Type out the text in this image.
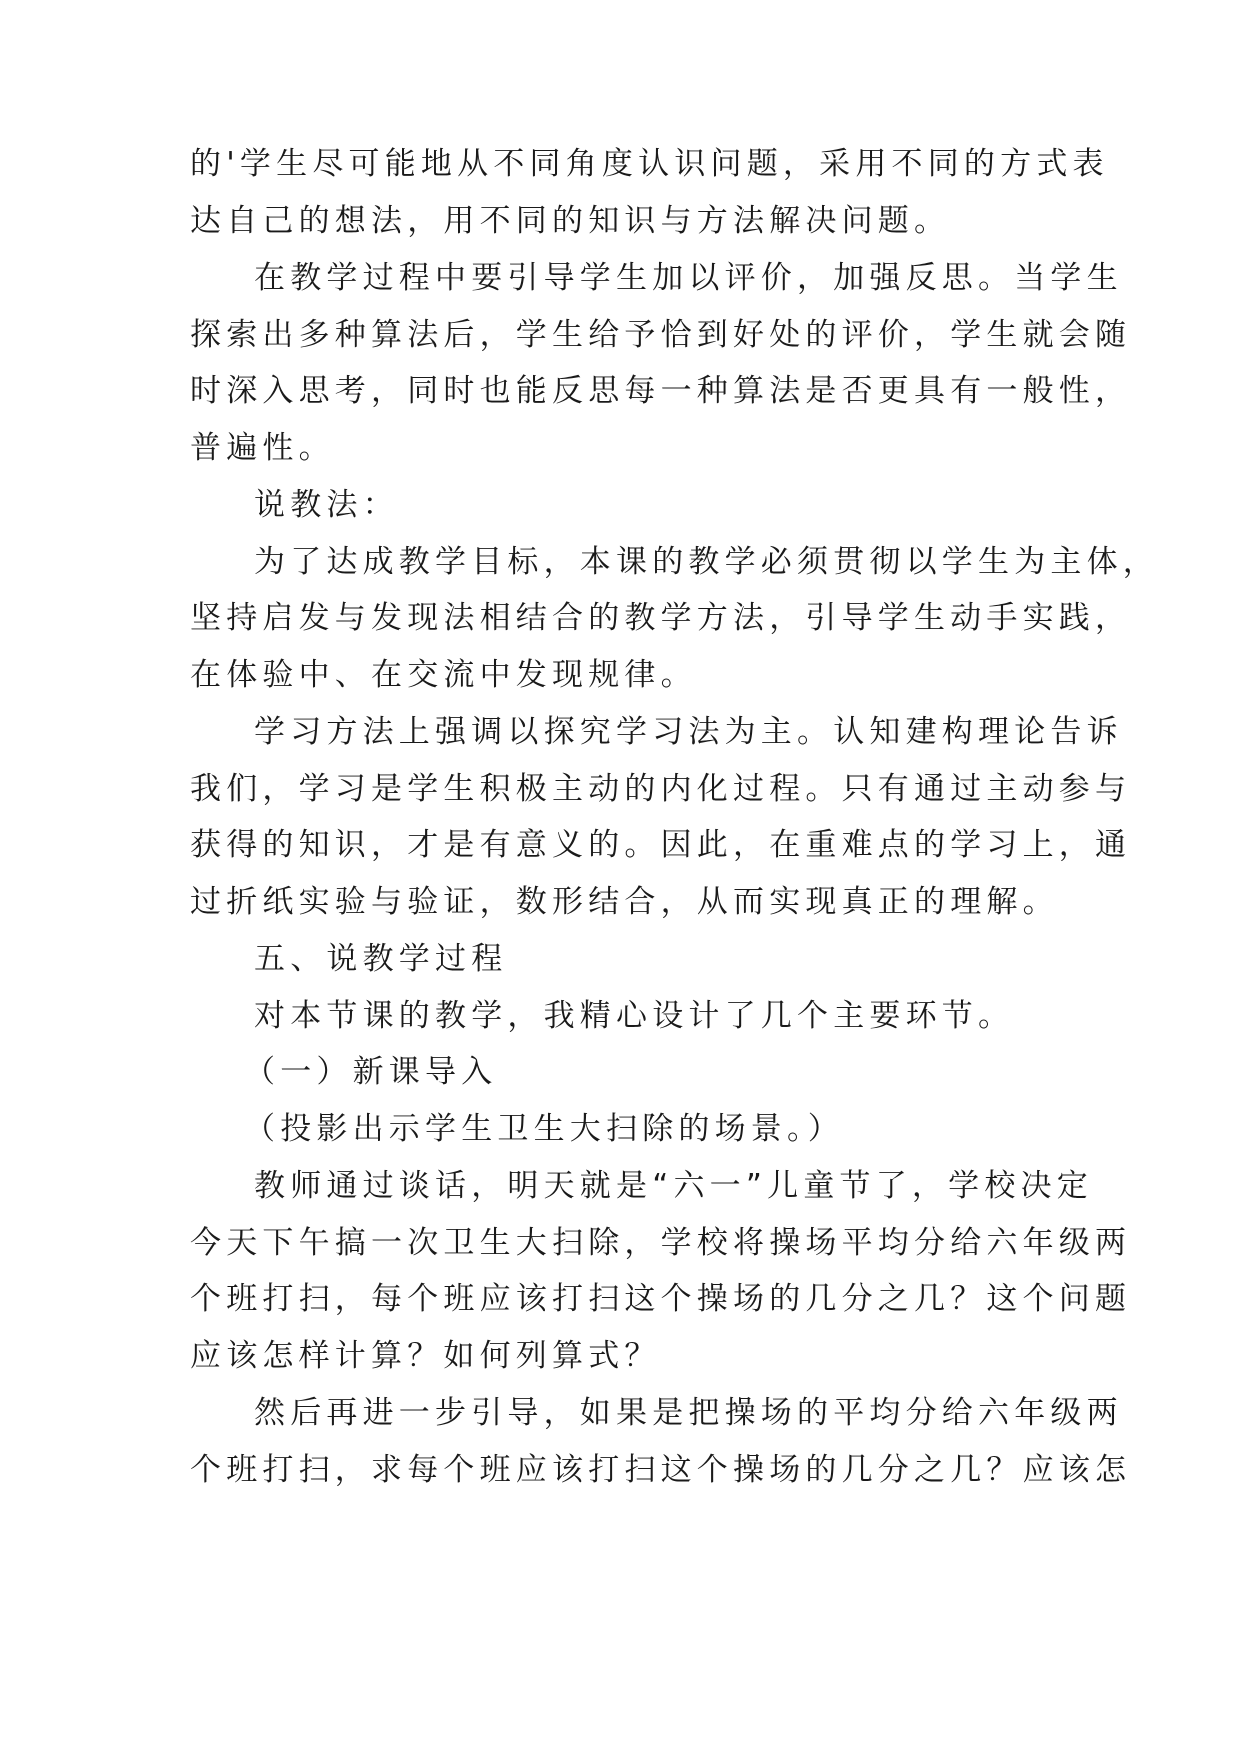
的'学生尽可能地从不同角度认识问题，采用不同的方式表
达自己的想法，用不同的知识与方法解决问题。
在教学过程中要引导学生加以评价，加强反思。当学生
探索出多种算法后，学生给予恰到好处的评价，学生就会随
时深入思考，同时也能反思每一种算法是否更具有一般性，
普遍性。
说教法：
为了达成教学目标，本课的教学必须贯彻以学生为主体，
坚持启发与发现法相结合的教学方法，引导学生动手实践，
在体验中、在交流中发现规律。
学习方法上强调以探究学习法为主。认知建构理论告诉
我们，学习是学生积极主动的内化过程。只有通过主动参与
获得的知识，才是有意义的。因此，在重难点的学习上，通
过折纸实验与验证，数形结合，从而实现真正的理解。
五、说教学过程
对本节课的教学，我精心设计了几个主要环节。
（一）新课导入
（投影出示学生卫生大扫除的场景。）
教师通过谈话，明天就是“六一”儿童节了，学校决定
今天下午搞一次卫生大扫除，学校将操场平均分给六年级两
个班打扫，每个班应该打扫这个操场的几分之几？这个问题
应该怎样计算？如何列算式？
然后再进一步引导，如果是把操场的平均分给六年级两
个班打扫，求每个班应该打扫这个操场的几分之几？应该怎
